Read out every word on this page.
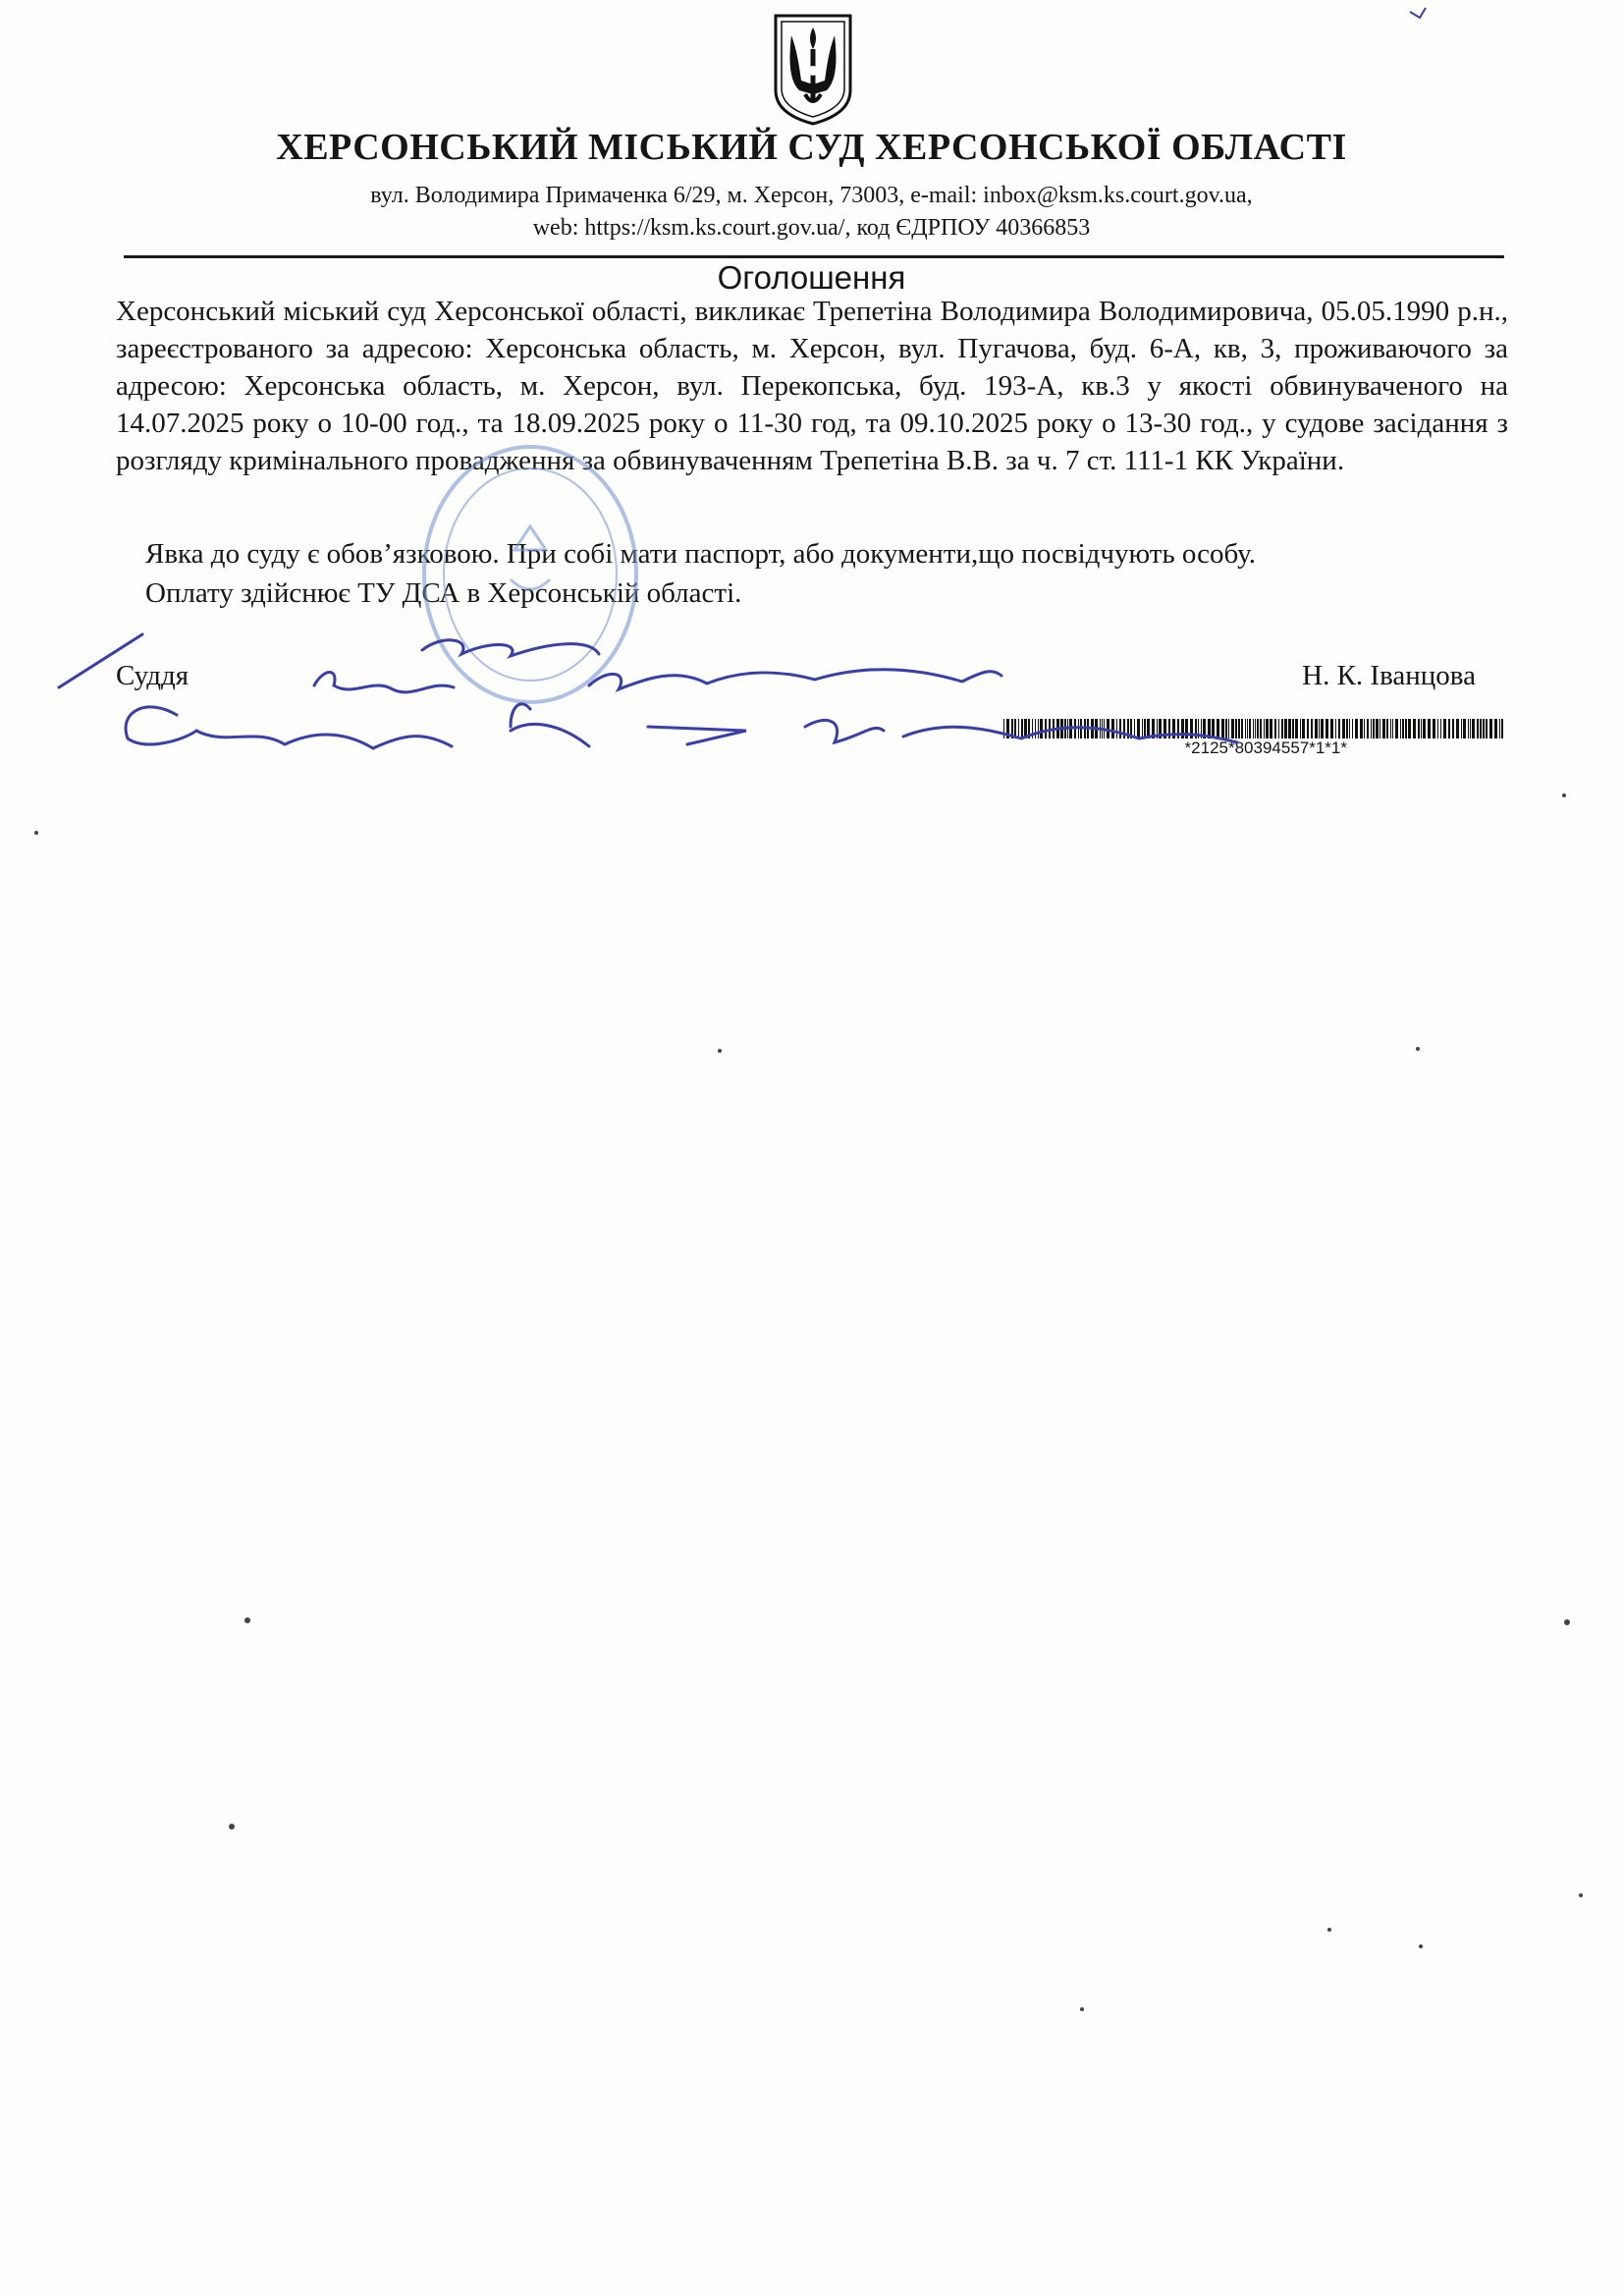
ХЕРСОНСЬКИЙ МІСЬКИЙ СУД ХЕРСОНСЬКОЇ ОБЛАСТІ
вул. Володимира Примаченка 6/29, м. Херсон, 73003, e-mail: inbox@ksm.ks.court.gov.ua,
web: https://ksm.ks.court.gov.ua/, код ЄДРПОУ 40366853
Оголошення
Херсонський міський суд Херсонської області, викликає Трепетіна Володимира Володимировича, 05.05.1990 р.н., зареєстрованого за адресою: Херсонська область, м. Херсон, вул. Пугачова, буд. 6-А, кв, 3, проживаючого за адресою: Херсонська область, м. Херсон, вул. Перекопська, буд. 193-А, кв.3 у якості обвинуваченого на 14.07.2025 року о 10-00 год., та 18.09.2025 року о 11-30 год, та 09.10.2025 року о 13-30 год., у судове засідання з розгляду кримінального провадження за обвинуваченням Трепетіна В.В. за ч. 7 ст. 111-1 КК України.
Явка до суду є обов’язковою. При собі мати паспорт, або документи,що посвідчують особу.
Оплату здійснює ТУ ДСА в Херсонській області.
Суддя	Н. К. Іванцова
*2125*80394557*1*1*
